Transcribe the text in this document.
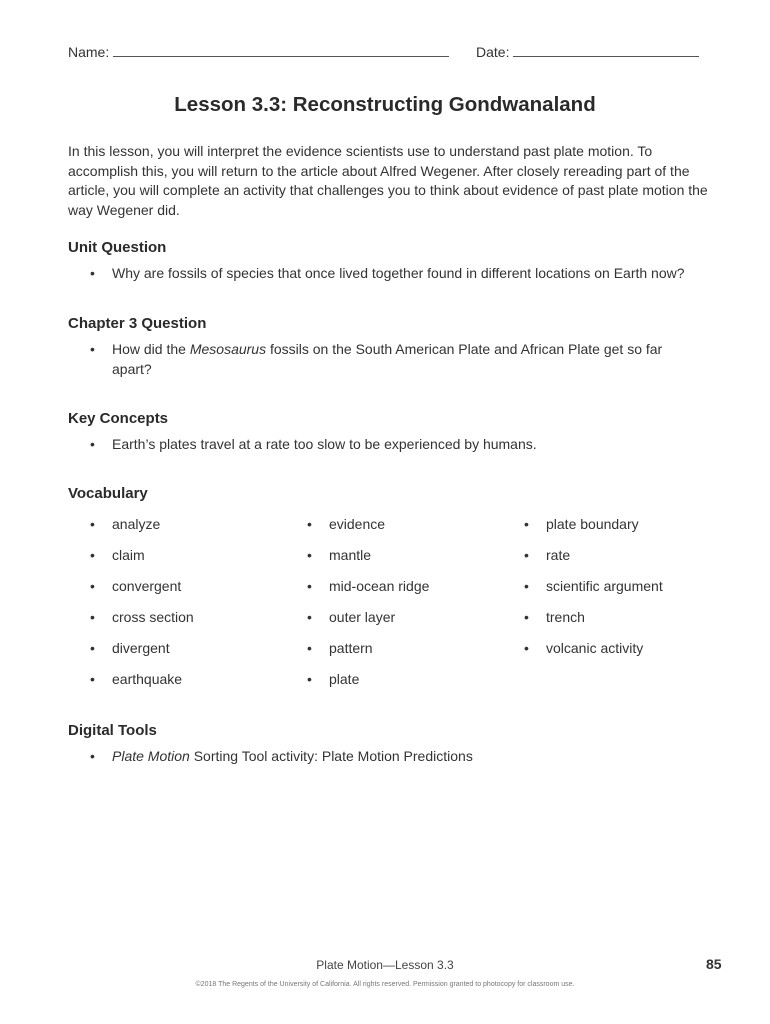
Name:	Date:
Lesson 3.3: Reconstructing Gondwanaland
In this lesson, you will interpret the evidence scientists use to understand past plate motion. To accomplish this, you will return to the article about Alfred Wegener. After closely rereading part of the article, you will complete an activity that challenges you to think about evidence of past plate motion the way Wegener did.
Unit Question
•	Why are fossils of species that once lived together found in different locations on Earth now?
Chapter 3 Question
•	How did the Mesosaurus fossils on the South American Plate and African Plate get so far apart?
Key Concepts
•	Earth’s plates travel at a rate too slow to be experienced by humans.
Vocabulary
•	analyze
•	claim
•	convergent
•	cross section
•	divergent
•	earthquake
•	evidence
•	mantle
•	mid-ocean ridge
•	outer layer
•	pattern
•	plate
•	plate boundary
•	rate
•	scientific argument
•	trench
•	volcanic activity
Digital Tools
•	Plate Motion Sorting Tool activity: Plate Motion Predictions
Plate Motion—Lesson 3.3	85
©2018 The Regents of the University of California. All rights reserved. Permission granted to photocopy for classroom use.
